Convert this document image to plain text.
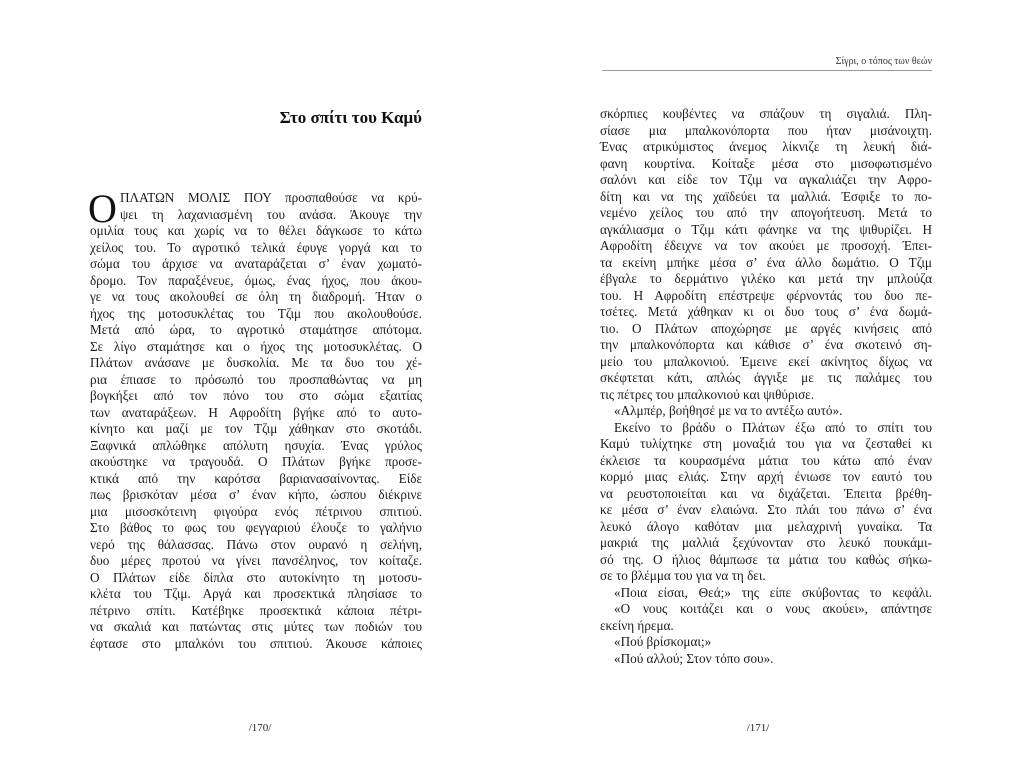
Στο σπίτι του Καμύ
Ο ΠΛΑΤΩΝ ΜΟΛΙΣ ΠΟΥ προσπαθούσε να κρύ-
ψει τη λαχανιασμένη του ανάσα. Άκουγε την
ομιλία τους και χωρίς να το θέλει δάγκωσε το κάτω
χείλος του. Το αγροτικό τελικά έφυγε γοργά και το
σώμα του άρχισε να αναταράζεται σ’ έναν χωματό-
δρομο. Τον παραξένευε, όμως, ένας ήχος, που άκου-
γε να τους ακολουθεί σε όλη τη διαδρομή. Ήταν ο
ήχος της μοτοσυκλέτας του Τζιμ που ακολουθούσε.
Μετά από ώρα, το αγροτικό σταμάτησε απότομα.
Σε λίγο σταμάτησε και ο ήχος της μοτοσυκλέτας. Ο
Πλάτων ανάσανε με δυσκολία. Με τα δυο του χέ-
ρια έπιασε το πρόσωπό του προσπαθώντας να μη
βογκήξει από τον πόνο του στο σώμα εξαιτίας
των αναταράξεων. Η Αφροδίτη βγήκε από το αυτο-
κίνητο και μαζί με τον Τζιμ χάθηκαν στο σκοτάδι.
Ξαφνικά απλώθηκε απόλυτη ησυχία. Ένας γρύλος
ακούστηκε να τραγουδά. Ο Πλάτων βγήκε προσε-
κτικά από την καρότσα βαριανασαίνοντας. Είδε
πως βρισκόταν μέσα σ’ έναν κήπο, ώσπου διέκρινε
μια μισοσκότεινη φιγούρα ενός πέτρινου σπιτιού.
Στο βάθος το φως του φεγγαριού έλουζε το γαλήνιο
νερό της θάλασσας. Πάνω στον ουρανό η σελήνη,
δυο μέρες προτού να γίνει πανσέληνος, τον κοίταζε.
Ο Πλάτων είδε δίπλα στο αυτοκίνητο τη μοτοσυ-
κλέτα του Τζιμ. Αργά και προσεκτικά πλησίασε το
πέτρινο σπίτι. Κατέβηκε προσεκτικά κάποια πέτρι-
να σκαλιά και πατώντας στις μύτες των ποδιών του
έφτασε στο μπαλκόνι του σπιτιού. Άκουσε κάποιες
/170/
Σίγρι, ο τόπος των θεών
σκόρπιες κουβέντες να σπάζουν τη σιγαλιά. Πλη-
σίασε μια μπαλκονόπορτα που ήταν μισάνοιχτη.
Ένας ατρικύμιστος άνεμος λίκνιζε τη λευκή διά-
φανη κουρτίνα. Κοίταξε μέσα στο μισοφωτισμένο
σαλόνι και είδε τον Τζιμ να αγκαλιάζει την Αφρο-
δίτη και να της χαϊδεύει τα μαλλιά. Έσφιξε το πο-
νεμένο χείλος του από την απογοήτευση. Μετά το
αγκάλιασμα ο Τζιμ κάτι φάνηκε να της ψιθυρίζει. Η
Αφροδίτη έδειχνε να τον ακούει με προσοχή. Έπει-
τα εκείνη μπήκε μέσα σ’ ένα άλλο δωμάτιο. Ο Τζιμ
έβγαλε το δερμάτινο γιλέκο και μετά την μπλούζα
του. Η Αφροδίτη επέστρεψε φέρνοντάς του δυο πε-
τσέτες. Μετά χάθηκαν κι οι δυο τους σ’ ένα δωμά-
τιο. Ο Πλάτων αποχώρησε με αργές κινήσεις από
την μπαλκονόπορτα και κάθισε σ’ ένα σκοτεινό ση-
μείο του μπαλκονιού. Έμεινε εκεί ακίνητος δίχως να
σκέφτεται κάτι, απλώς άγγιξε με τις παλάμες του
τις πέτρες του μπαλκονιού και ψιθύρισε.
«Αλμπέρ, βοήθησέ με να το αντέξω αυτό».
Εκείνο το βράδυ ο Πλάτων έξω από το σπίτι του
Καμύ τυλίχτηκε στη μοναξιά του για να ζεσταθεί κι
έκλεισε τα κουρασμένα μάτια του κάτω από έναν
κορμό μιας ελιάς. Στην αρχή ένιωσε τον εαυτό του
να ρευστοποιείται και να διχάζεται. Έπειτα βρέθη-
κε μέσα σ’ έναν ελαιώνα. Στο πλάι του πάνω σ’ ένα
λευκό άλογο καθόταν μια μελαχρινή γυναίκα. Τα
μακριά της μαλλιά ξεχύνονταν στο λευκό πουκάμι-
σό της. Ο ήλιος θάμπωσε τα μάτια του καθώς σήκω-
σε το βλέμμα του για να τη δει.
«Ποια είσαι, Θεά;» της είπε σκύβοντας το κεφάλι.
«Ο νους κοιτάζει και ο νους ακούει», απάντησε
εκείνη ήρεμα.
«Πού βρίσκομαι;»
«Πού αλλού; Στον τόπο σου».
/171/
